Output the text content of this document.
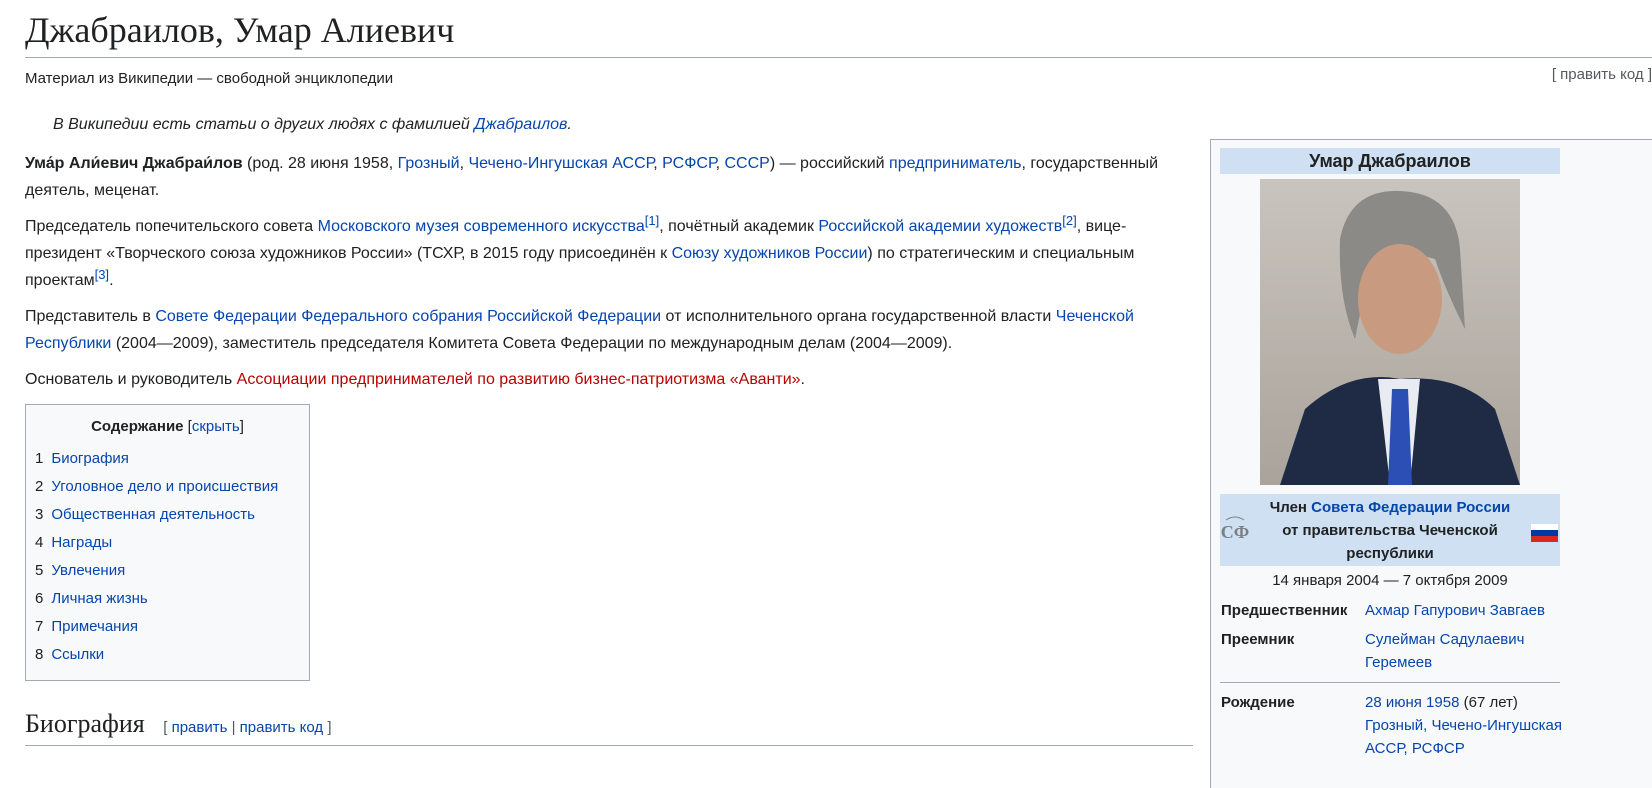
Джабраилов, Умар Алиевич
Материал из Википедии — свободной энциклопедии	[ править код ]
В Википедии есть статьи о других людях с фамилией Джабраилов.

Ума́р Али́евич Джабраи́лов (род. 28 июня 1958, Грозный, Чечено-Ингушская АССР, РСФСР, СССР) — российский предприниматель, государственный деятель, меценат.

Председатель попечительского совета Московского музея современного искусства[1], почётный академик Российской академии художеств[2], вице-президент «Творческого союза художников России» (ТСХР, в 2015 году присоединён к Союзу художников России) по стратегическим и специальным проектам[3].

Представитель в Совете Федерации Федерального собрания Российской Федерации от исполнительного органа государственной власти Чеченской Республики (2004—2009), заместитель председателя Комитета Совета Федерации по международным делам (2004—2009).

Основатель и руководитель Ассоциации предпринимателей по развитию бизнес-патриотизма «Аванти».

Содержание [скрыть]
1 Биография
2 Уголовное дело и происшествия
3 Общественная деятельность
4 Награды
5 Увлечения
6 Личная жизнь
7 Примечания
8 Ссылки
Биография [ править | править код ]
Умар Джабраилов
СФ
Член Совета Федерации России
от правительства Чеченской республики
14 января 2004 — 7 октября 2009
Предшественник	Ахмар Гапурович Завгаев
Преемник	Сулейман Садулаевич Геремеев
Рождение	28 июня 1958 (67 лет)
Грозный, Чечено-Ингушская АССР, РСФСР
